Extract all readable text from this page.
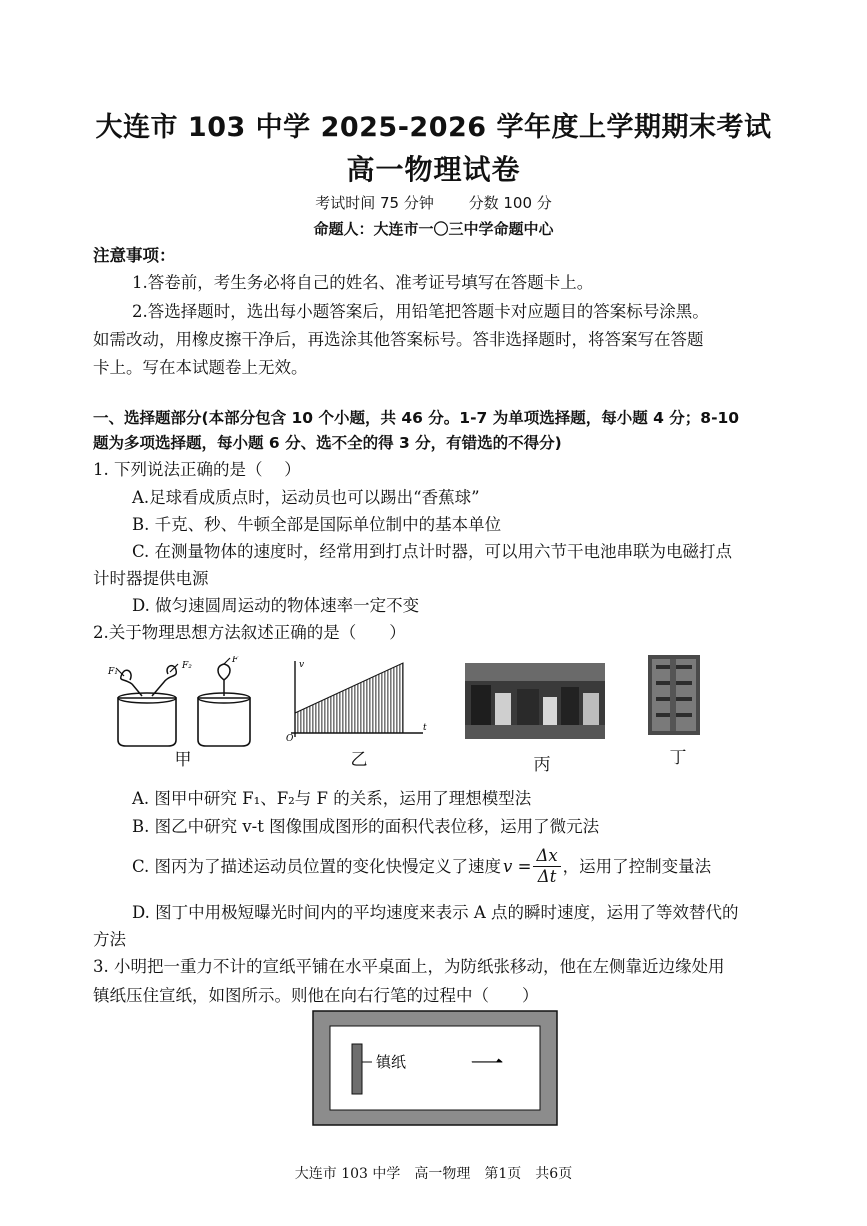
大连市 103 中学 2025-2026 学年度上学期期末考试
高一物理试卷
考试时间 75 分钟　　 分数 100 分
命题人：大连市一〇三中学命题中心
注意事项：
1.答卷前，考生务必将自己的姓名、准考证号填写在答题卡上。
2.答选择题时，选出每小题答案后，用铅笔把答题卡对应题目的答案标号涂黑。
如需改动，用橡皮擦干净后，再选涂其他答案标号。答非选择题时，将答案写在答题
卡上。写在本试题卷上无效。
一、选择题部分(本部分包含 10 个小题，共 46 分。1-7 为单项选择题，每小题 4 分；8-10
题为多项选择题，每小题 6 分、选不全的得 3 分，有错选的不得分)
1. 下列说法正确的是（　 ）
A.足球看成质点时，运动员也可以踢出“香蕉球”
B. 千克、秒、牛顿全部是国际单位制中的基本单位
C. 在测量物体的速度时，经常用到打点计时器，可以用六节干电池串联为电磁打点
计时器提供电源
D. 做匀速圆周运动的物体速率一定不变
2.关于物理思想方法叙述正确的是（　　）
F₁
F₂
F	v
t
O
甲	乙	丙	丁
A. 图甲中研究 F₁、F₂与 F 的关系，运用了理想模型法
B. 图乙中研究 v-t 图像围成图形的面积代表位移，运用了微元法
C. 图丙为了描述运动员位置的变化快慢定义了速度 $v = \frac{\Delta x}{\Delta t}$ ，运用了控制变量法
D. 图丁中用极短曝光时间内的平均速度来表示 A 点的瞬时速度，运用了等效替代的
方法
3. 小明把一重力不计的宣纸平铺在水平桌面上，为防纸张移动，他在左侧靠近边缘处用
镇纸压住宣纸，如图所示。则他在向右行笔的过程中（　　）
镇纸 一
大连市 103 中学　高一物理　第1页　共6页
